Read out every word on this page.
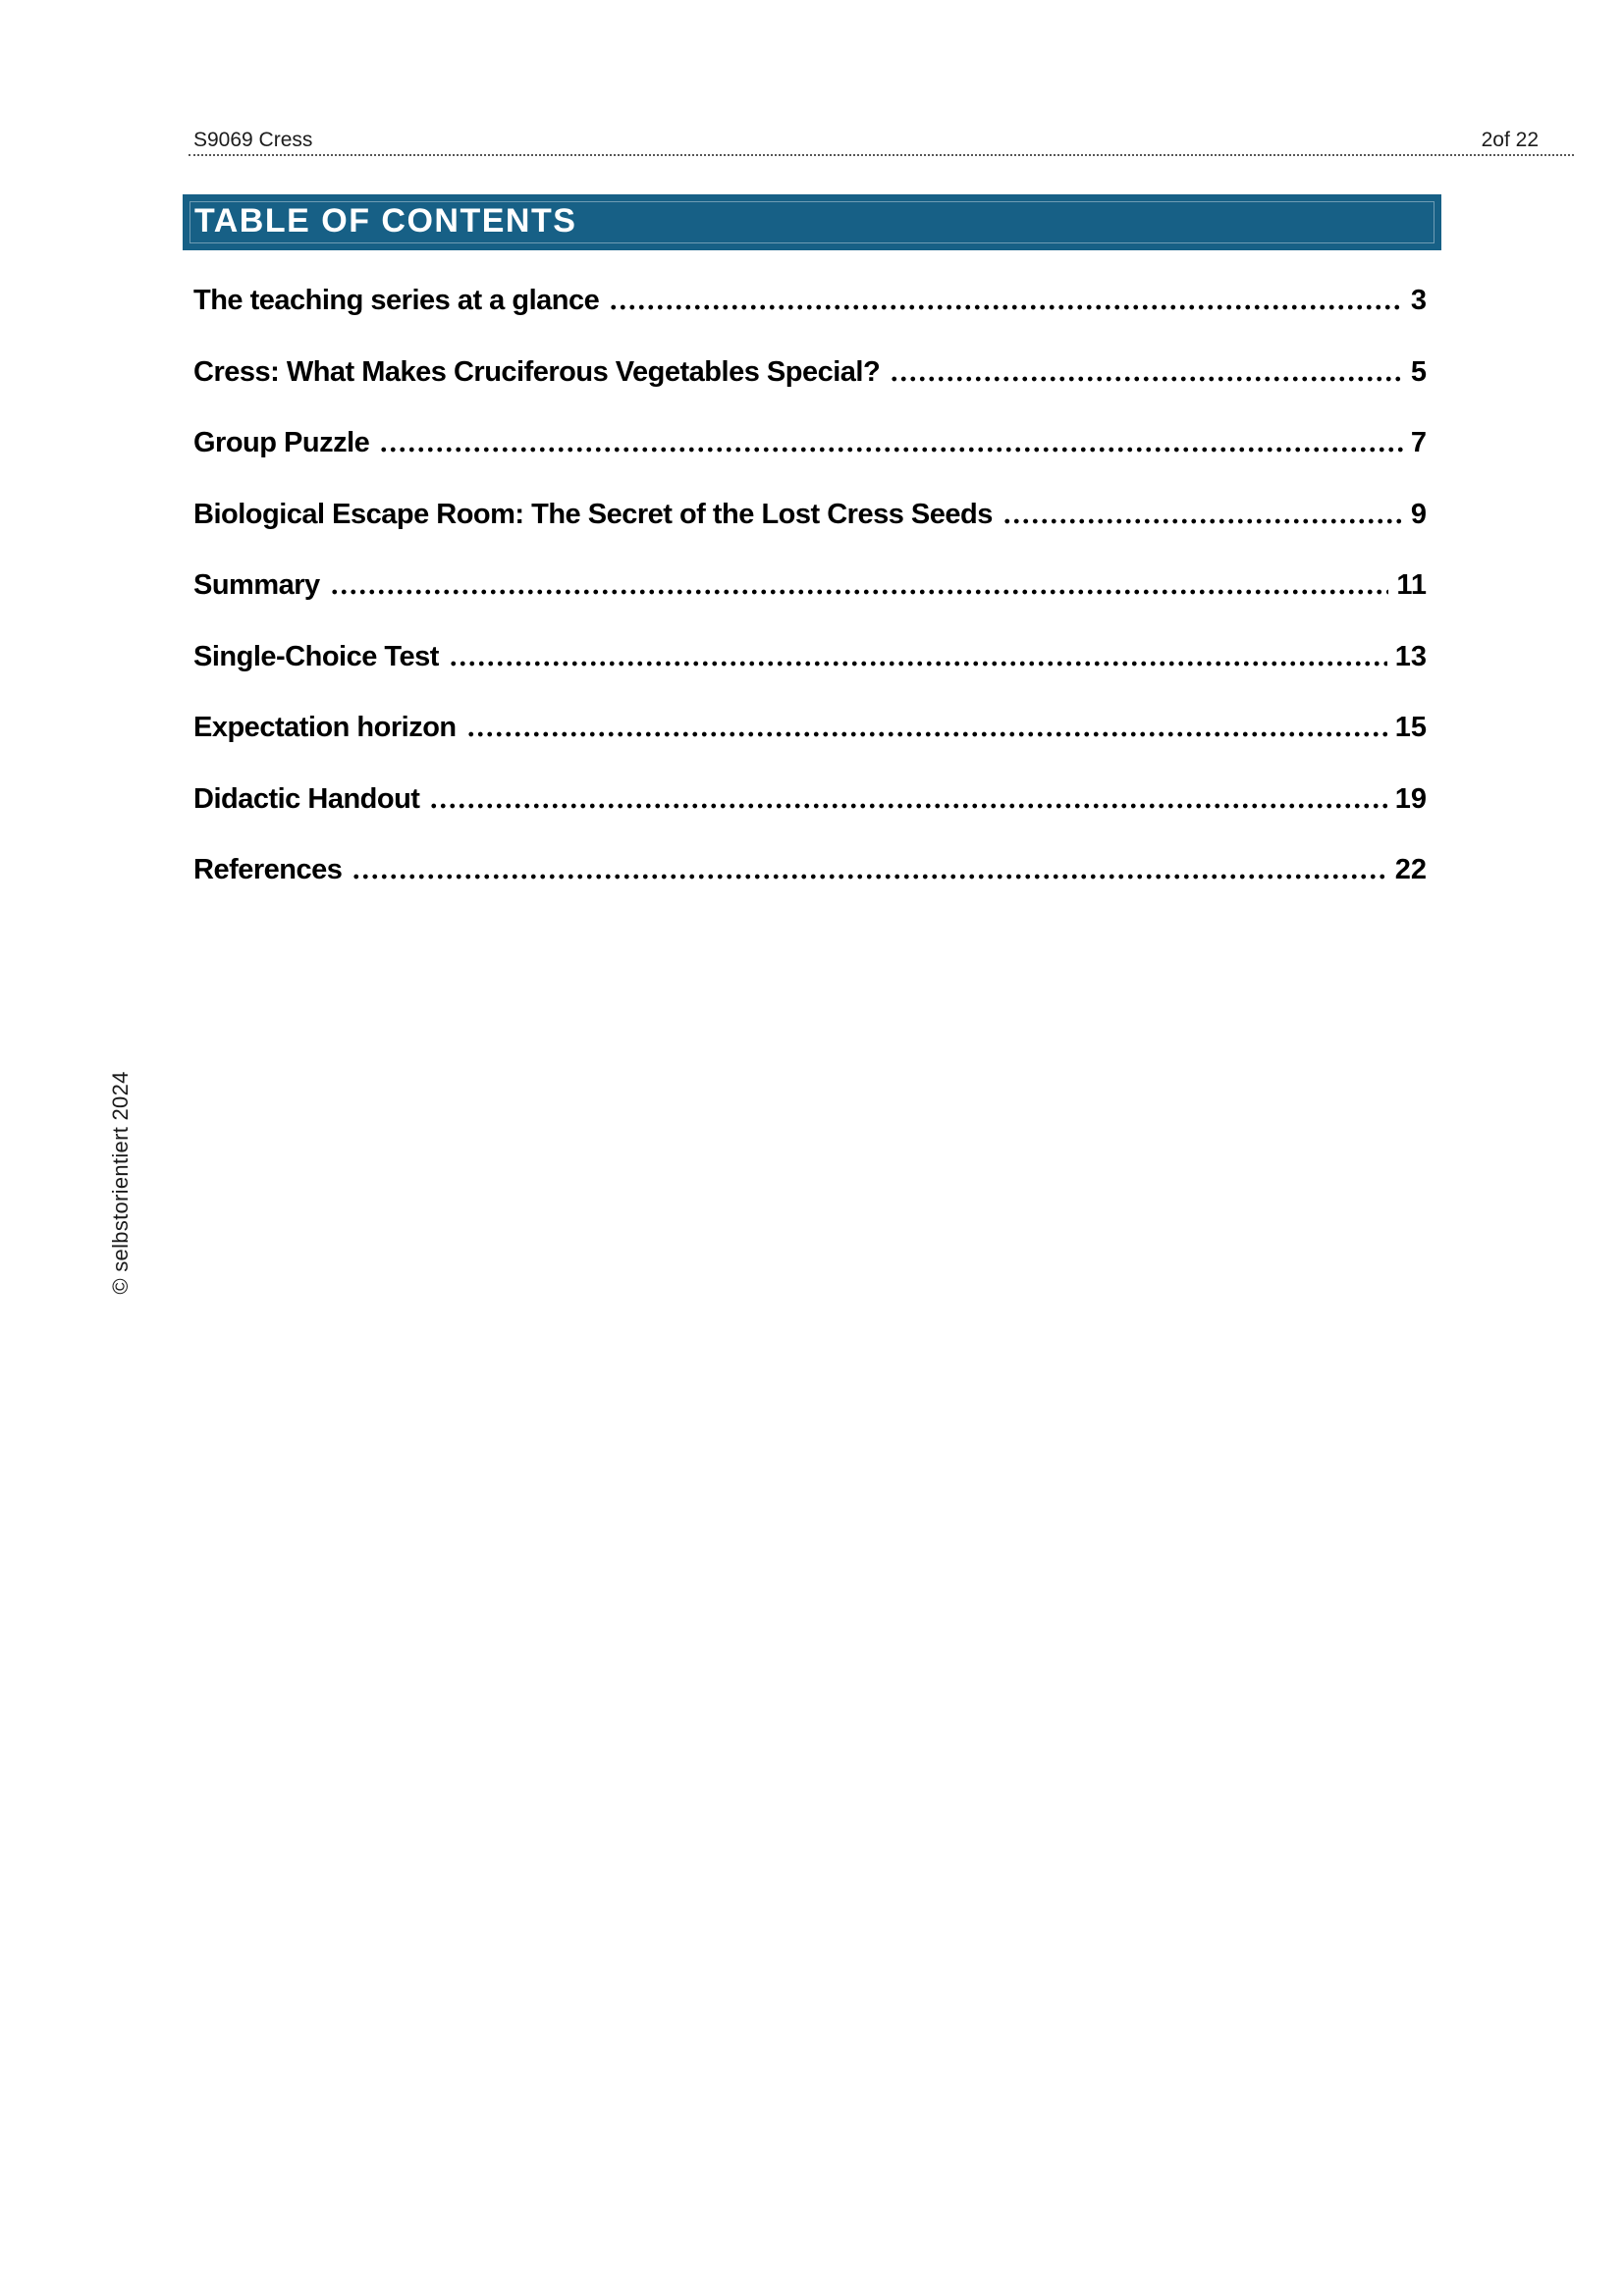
S9069 Cress	2of 22
TABLE OF CONTENTS
The teaching series at a glance	3
Cress: What Makes Cruciferous Vegetables Special?	5
Group Puzzle	7
Biological Escape Room: The Secret of the Lost Cress Seeds	9
Summary	11
Single-Choice Test	13
Expectation horizon	15
Didactic Handout	19
References	22
© selbstorientiert 2024
